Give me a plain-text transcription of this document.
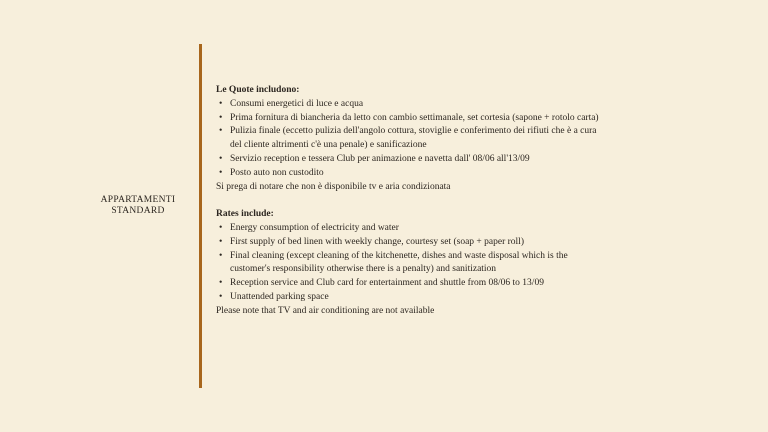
APPARTAMENTI
STANDARD
Le Quote includono:
• Consumi energetici di luce e acqua
• Prima fornitura di biancheria da letto con cambio settimanale, set cortesia (sapone + rotolo carta)
• Pulizia finale (eccetto pulizia dell'angolo cottura, stoviglie e conferimento dei rifiuti che è a cura del cliente altrimenti c'è una penale) e sanificazione
• Servizio reception e tessera Club per animazione e navetta dall' 08/06 all'13/09
• Posto auto non custodito
Si prega di notare che non è disponibile tv e aria condizionata
Rates include:
• Energy consumption of electricity and water
• First supply of bed linen with weekly change, courtesy set (soap + paper roll)
• Final cleaning (except cleaning of the kitchenette, dishes and waste disposal which is the customer's responsibility otherwise there is a penalty) and sanitization
• Reception service and Club card for entertainment and shuttle from 08/06 to 13/09
• Unattended parking space
Please note that TV and air conditioning are not available
